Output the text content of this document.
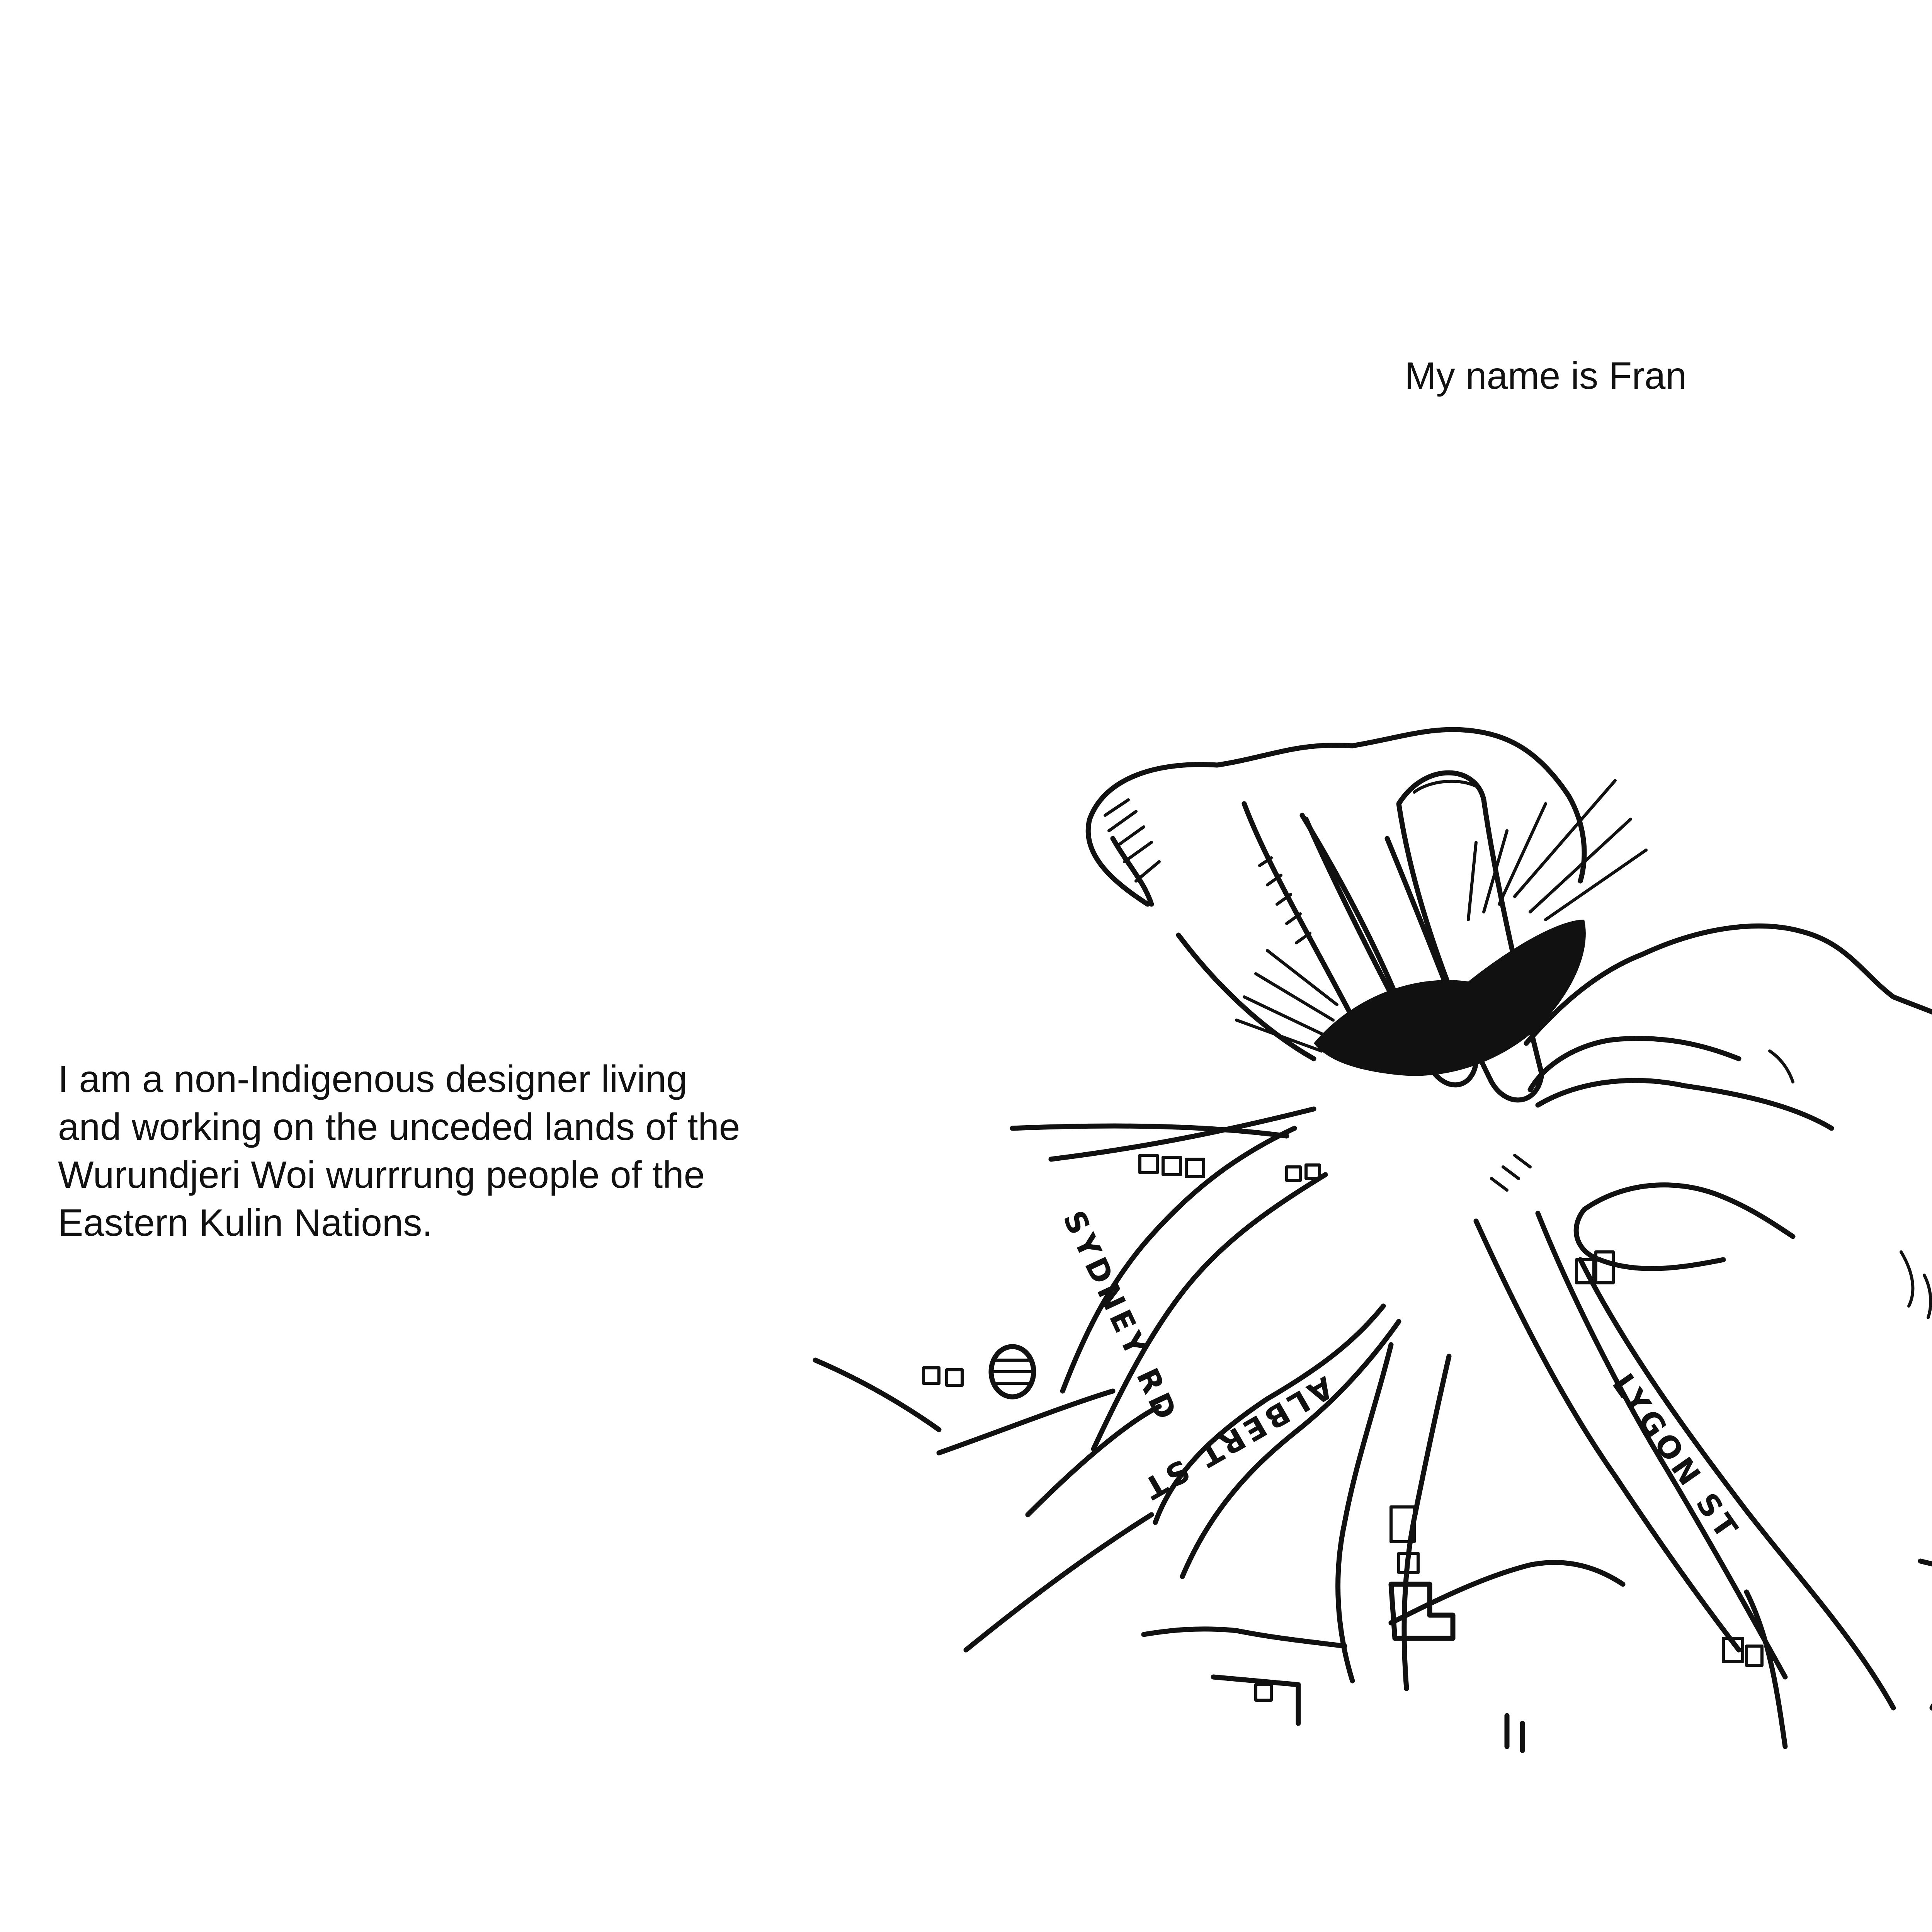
My name is Fran

I am a non-Indigenous designer living
and working on the unceded lands of the
Wurundjeri Woi wurrrung people of the
Eastern Kulin Nations.	SYDNEY RD
ALBERT ST	LYGON ST
